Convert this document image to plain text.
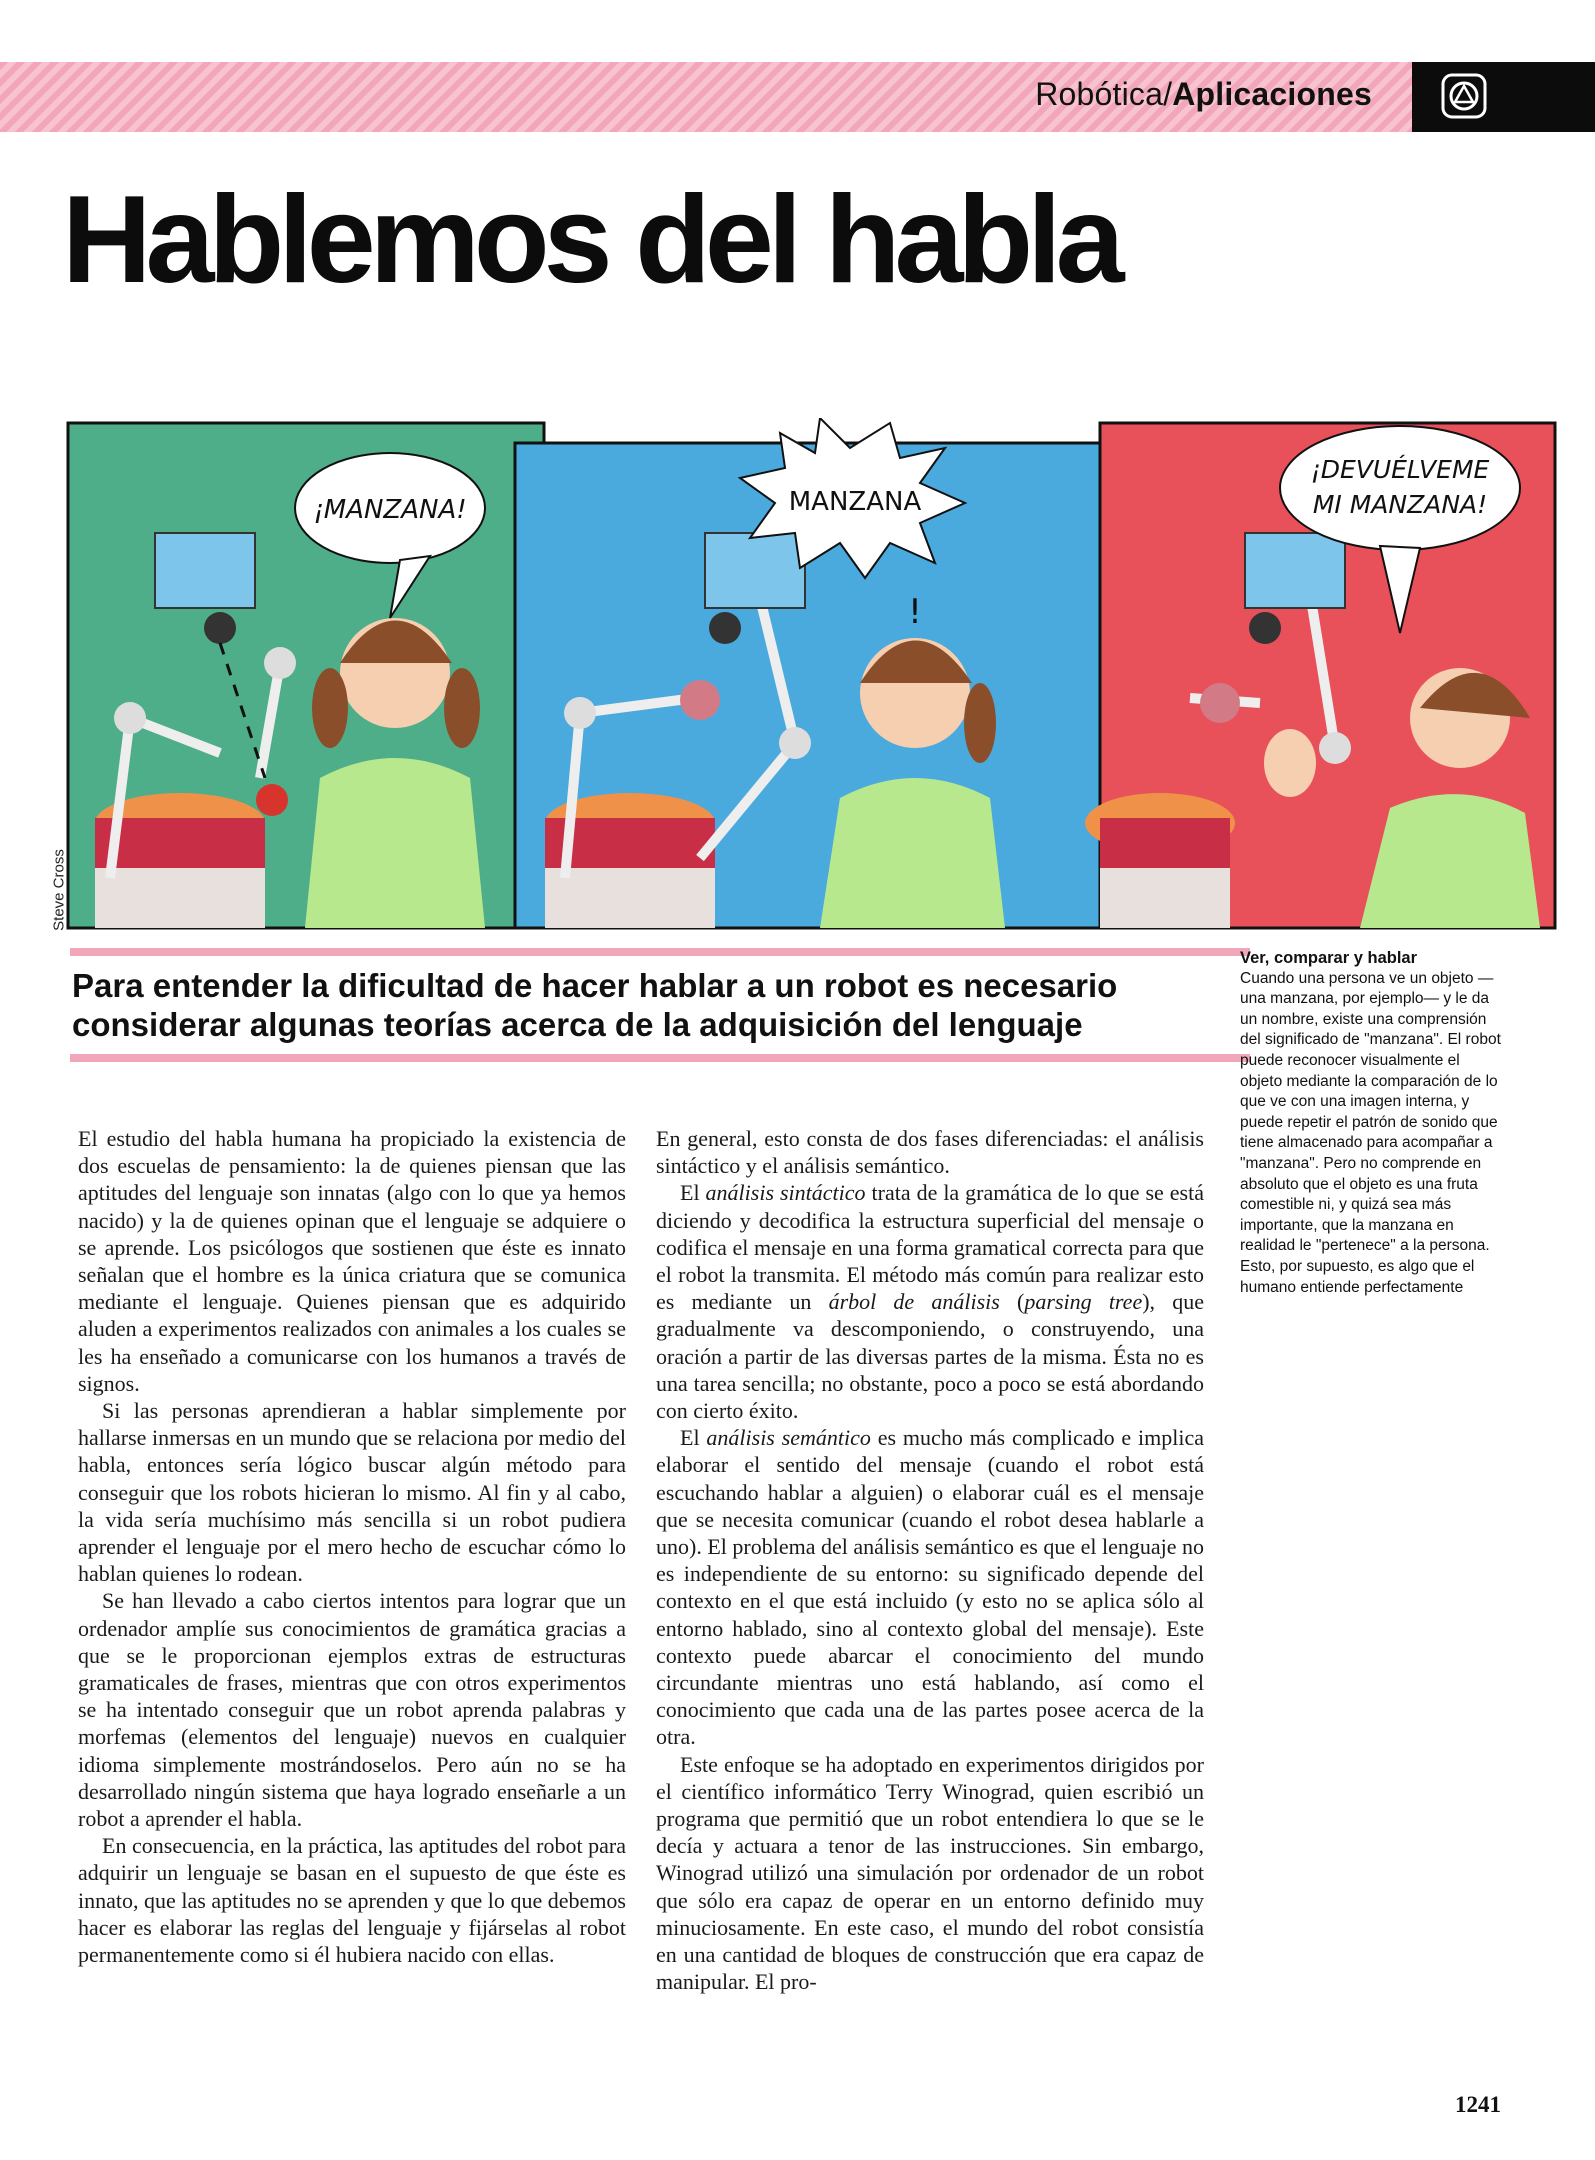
Robótica/Aplicaciones
Hablemos del habla
¡MANZANA!	MANZANA
!
¡DEVUÉLVEME
MI MANZANA!
Steve Cross

Para entender la dificultad de hacer hablar a un robot es necesario considerar algunas teorías acerca de la adquisición del lenguaje

Ver, comparar y hablar
Cuando una persona ve un objeto —una manzana, por ejemplo— y le da un nombre, existe una comprensión del significado de "manzana". El robot puede reconocer visualmente el objeto mediante la comparación de lo que ve con una imagen interna, y puede repetir el patrón de sonido que tiene almacenado para acompañar a "manzana". Pero no comprende en absoluto que el objeto es una fruta comestible ni, y quizá sea más importante, que la manzana en realidad le "pertenece" a la persona. Esto, por supuesto, es algo que el humano entiende perfectamente

El estudio del habla humana ha propiciado la existencia de dos escuelas de pensamiento: la de quienes piensan que las aptitudes del lenguaje son innatas (algo con lo que ya hemos nacido) y la de quienes opinan que el lenguaje se adquiere o se aprende. Los psicólogos que sostienen que éste es innato señalan que el hombre es la única criatura que se comunica mediante el lenguaje. Quienes piensan que es adquirido aluden a experimentos realizados con animales a los cuales se les ha enseñado a comunicarse con los humanos a través de signos.

Si las personas aprendieran a hablar simplemente por hallarse inmersas en un mundo que se relaciona por medio del habla, entonces sería lógico buscar algún método para conseguir que los robots hicieran lo mismo. Al fin y al cabo, la vida sería muchísimo más sencilla si un robot pudiera aprender el lenguaje por el mero hecho de escuchar cómo lo hablan quienes lo rodean.

Se han llevado a cabo ciertos intentos para lograr que un ordenador amplíe sus conocimientos de gramática gracias a que se le proporcionan ejemplos extras de estructuras gramaticales de frases, mientras que con otros experimentos se ha intentado conseguir que un robot aprenda palabras y morfemas (elementos del lenguaje) nuevos en cualquier idioma simplemente mostrándoselos. Pero aún no se ha desarrollado ningún sistema que haya logrado enseñarle a un robot a aprender el habla.

En consecuencia, en la práctica, las aptitudes del robot para adquirir un lenguaje se basan en el supuesto de que éste es innato, que las aptitudes no se aprenden y que lo que debemos hacer es elaborar las reglas del lenguaje y fijárselas al robot permanentemente como si él hubiera nacido con ellas.

En general, esto consta de dos fases diferenciadas: el análisis sintáctico y el análisis semántico.

El análisis sintáctico trata de la gramática de lo que se está diciendo y decodifica la estructura superficial del mensaje o codifica el mensaje en una forma gramatical correcta para que el robot la transmita. El método más común para realizar esto es mediante un árbol de análisis (parsing tree), que gradualmente va descomponiendo, o construyendo, una oración a partir de las diversas partes de la misma. Ésta no es una tarea sencilla; no obstante, poco a poco se está abordando con cierto éxito.

El análisis semántico es mucho más complicado e implica elaborar el sentido del mensaje (cuando el robot está escuchando hablar a alguien) o elaborar cuál es el mensaje que se necesita comunicar (cuando el robot desea hablarle a uno). El problema del análisis semántico es que el lenguaje no es independiente de su entorno: su significado depende del contexto en el que está incluido (y esto no se aplica sólo al entorno hablado, sino al contexto global del mensaje). Este contexto puede abarcar el conocimiento del mundo circundante mientras uno está hablando, así como el conocimiento que cada una de las partes posee acerca de la otra.

Este enfoque se ha adoptado en experimentos dirigidos por el científico informático Terry Winograd, quien escribió un programa que permitió que un robot entendiera lo que se le decía y actuara a tenor de las instrucciones. Sin embargo, Winograd utilizó una simulación por ordenador de un robot que sólo era capaz de operar en un entorno definido muy minuciosamente. En este caso, el mundo del robot consistía en una cantidad de bloques de construcción que era capaz de manipular. El pro-

1241
